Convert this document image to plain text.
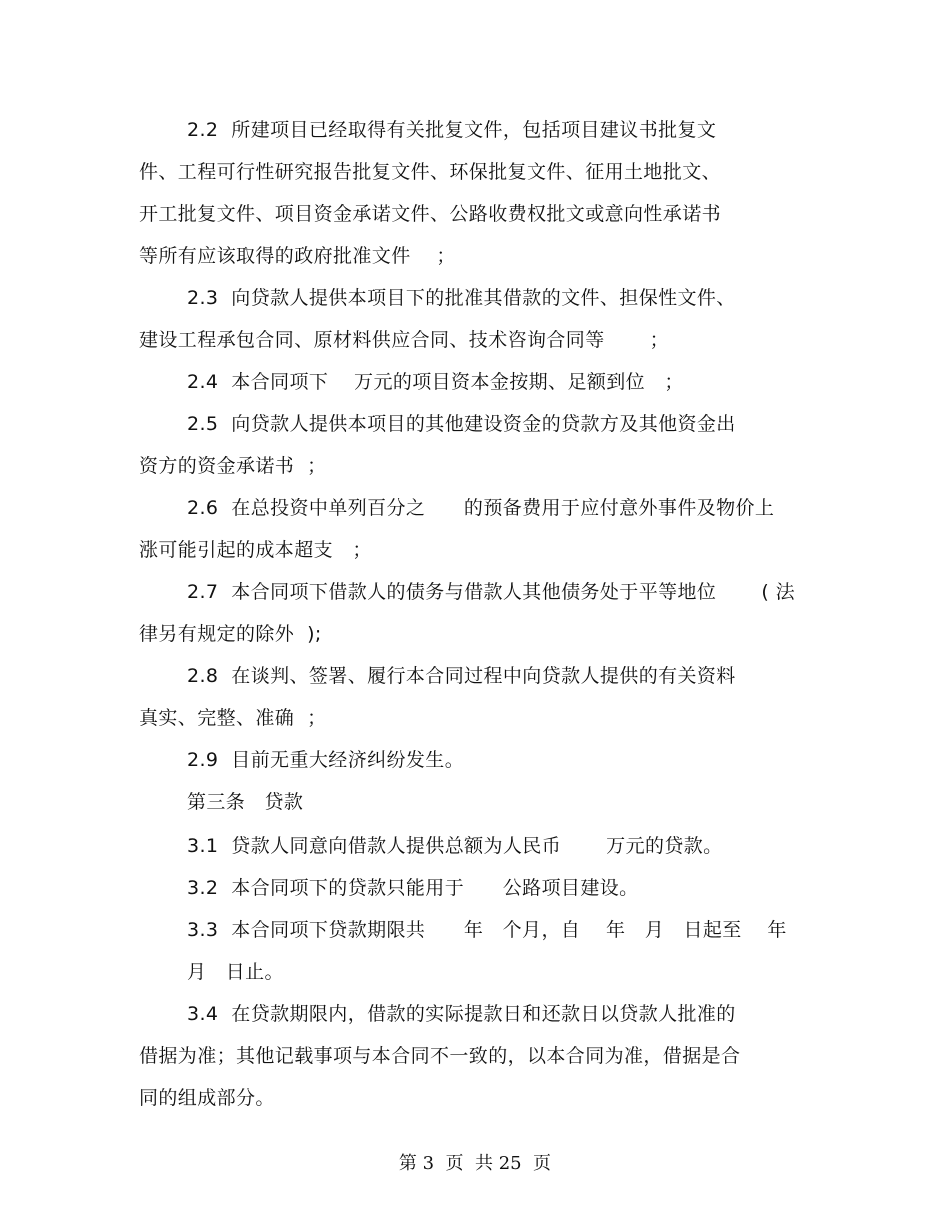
2.2  所建项目已经取得有关批复文件，包括项目建议书批复文
件、工程可行性研究报告批复文件、环保批复文件、征用土地批文、
开工批复文件、项目资金承诺文件、公路收费权批文或意向性承诺书
等所有应该取得的政府批准文件    ；
2.3  向贷款人提供本项目下的批准其借款的文件、担保性文件、
建设工程承包合同、原材料供应合同、技术咨询合同等       ；
2.4  本合同项下    万元的项目资本金按期、足额到位   ；
2.5  向贷款人提供本项目的其他建设资金的贷款方及其他资金出
资方的资金承诺书  ；
2.6  在总投资中单列百分之      的预备费用于应付意外事件及物价上
涨可能引起的成本超支   ；
2.7  本合同项下借款人的债务与借款人其他债务处于平等地位       ( 法
律另有规定的除外  );
2.8  在谈判、签署、履行本合同过程中向贷款人提供的有关资料
真实、完整、准确  ；
2.9  目前无重大经济纠纷发生。
第三条   贷款
3.1  贷款人同意向借款人提供总额为人民币       万元的贷款。
3.2  本合同项下的贷款只能用于      公路项目建设。
3.3  本合同项下贷款期限共      年   个月，自    年   月   日起至    年
月   日止。
3.4  在贷款期限内，借款的实际提款日和还款日以贷款人批准的
借据为准；其他记载事项与本合同不一致的，以本合同为准，借据是合
同的组成部分。
第 3  页  共 25  页
